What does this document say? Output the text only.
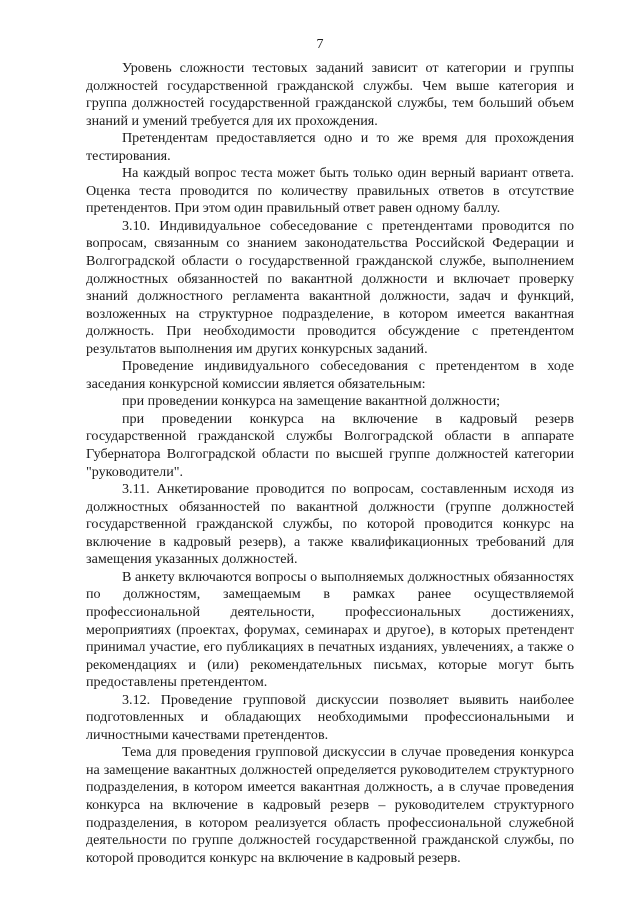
7

Уровень сложности тестовых заданий зависит от категории и группы должностей государственной гражданской службы. Чем выше категория и группа должностей государственной гражданской службы, тем больший объем знаний и умений требуется для их прохождения.

Претендентам предоставляется одно и то же время для прохождения тестирования.

На каждый вопрос теста может быть только один верный вариант ответа. Оценка теста проводится по количеству правильных ответов в отсутствие претендентов. При этом один правильный ответ равен одному баллу.

3.10. Индивидуальное собеседование с претендентами проводится по вопросам, связанным со знанием законодательства Российской Федерации и Волгоградской области о государственной гражданской службе, выполнением должностных обязанностей по вакантной должности и включает проверку знаний должностного регламента вакантной должности, задач и функций, возложенных на структурное подразделение, в котором имеется вакантная должность. При необходимости проводится обсуждение с претендентом результатов выполнения им других конкурсных заданий.

Проведение индивидуального собеседования с претендентом в ходе заседания конкурсной комиссии является обязательным:

при проведении конкурса на замещение вакантной должности;

при проведении конкурса на включение в кадровый резерв государственной гражданской службы Волгоградской области в аппарате Губернатора Волгоградской области по высшей группе должностей категории "руководители".

3.11. Анкетирование проводится по вопросам, составленным исходя из должностных обязанностей по вакантной должности (группе должностей государственной гражданской службы, по которой проводится конкурс на включение в кадровый резерв), а также квалификационных требований для замещения указанных должностей.

В анкету включаются вопросы о выполняемых должностных обязанностях по должностям, замещаемым в рамках ранее осуществляемой профессиональной деятельности, профессиональных достижениях, мероприятиях (проектах, форумах, семинарах и другое), в которых претендент принимал участие, его публикациях в печатных изданиях, увлечениях, а также о рекомендациях и (или) рекомендательных письмах, которые могут быть предоставлены претендентом.

3.12. Проведение групповой дискуссии позволяет выявить наиболее подготовленных и обладающих необходимыми профессиональными и личностными качествами претендентов.

Тема для проведения групповой дискуссии в случае проведения конкурса на замещение вакантных должностей определяется руководителем структурного подразделения, в котором имеется вакантная должность, а в случае проведения конкурса на включение в кадровый резерв – руководителем структурного подразделения, в котором реализуется область профессиональной служебной деятельности по группе должностей государственной гражданской службы, по которой проводится конкурс на включение в кадровый резерв.
